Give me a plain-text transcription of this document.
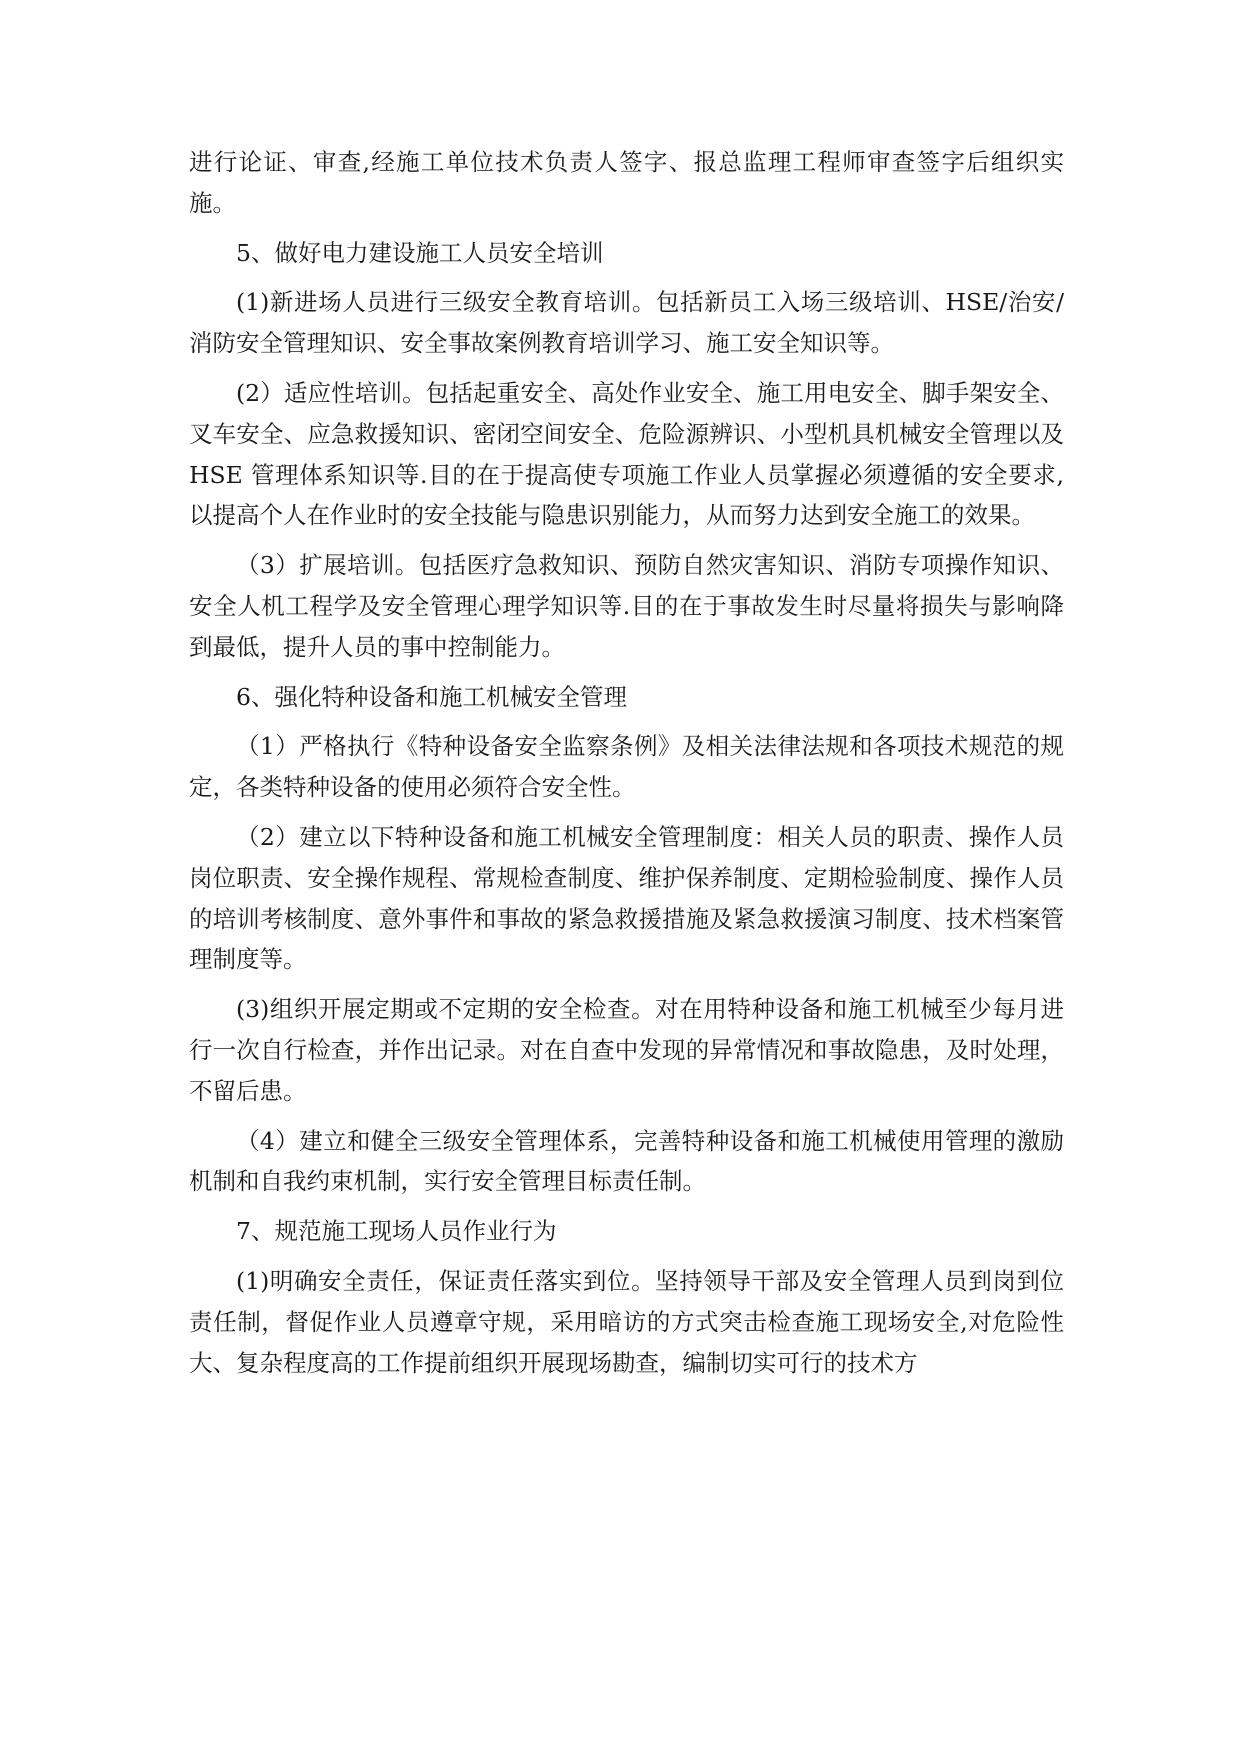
进行论证、审查,经施工单位技术负责人签字、报总监理工程师审查签字后组织实施。

5、做好电力建设施工人员安全培训

(1)新进场人员进行三级安全教育培训。包括新员工入场三级培训、HSE/治安/消防安全管理知识、安全事故案例教育培训学习、施工安全知识等。

(2）适应性培训。包括起重安全、高处作业安全、施工用电安全、脚手架安全、叉车安全、应急救援知识、密闭空间安全、危险源辨识、小型机具机械安全管理以及 HSE 管理体系知识等.目的在于提高使专项施工作业人员掌握必须遵循的安全要求,以提高个人在作业时的安全技能与隐患识别能力，从而努力达到安全施工的效果。

（3）扩展培训。包括医疗急救知识、预防自然灾害知识、消防专项操作知识、安全人机工程学及安全管理心理学知识等.目的在于事故发生时尽量将损失与影响降到最低，提升人员的事中控制能力。

6、强化特种设备和施工机械安全管理

（1）严格执行《特种设备安全监察条例》及相关法律法规和各项技术规范的规定，各类特种设备的使用必须符合安全性。

（2）建立以下特种设备和施工机械安全管理制度：相关人员的职责、操作人员岗位职责、安全操作规程、常规检查制度、维护保养制度、定期检验制度、操作人员的培训考核制度、意外事件和事故的紧急救援措施及紧急救援演习制度、技术档案管理制度等。

(3)组织开展定期或不定期的安全检查。对在用特种设备和施工机械至少每月进行一次自行检查，并作出记录。对在自查中发现的异常情况和事故隐患，及时处理，不留后患。

（4）建立和健全三级安全管理体系，完善特种设备和施工机械使用管理的激励机制和自我约束机制，实行安全管理目标责任制。

7、规范施工现场人员作业行为

(1)明确安全责任，保证责任落实到位。坚持领导干部及安全管理人员到岗到位责任制，督促作业人员遵章守规，采用暗访的方式突击检查施工现场安全,对危险性大、复杂程度高的工作提前组织开展现场勘查，编制切实可行的技术方
